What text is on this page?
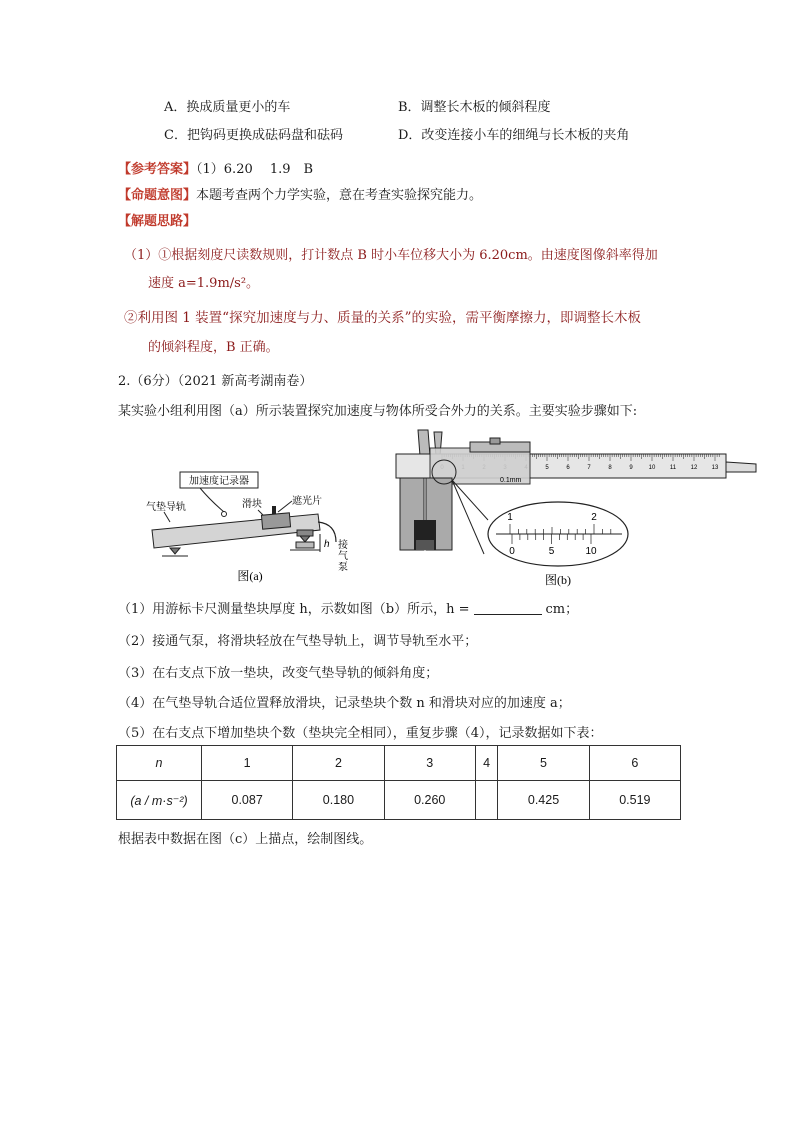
A．换成质量更小的车	B．调整长木板的倾斜程度
C．把钩码更换成砝码盘和砝码	D．改变连接小车的细绳与长木板的夹角
【参考答案】（1）6.20　 1.9　B
【命题意图】本题考查两个力学实验，意在考查实验探究能力。
【解题思路】
（1）①根据刻度尺读数规则，打计数点 B 时小车位移大小为 6.20cm。由速度图像斜率得加
速度 a=1.9m/s²。
②利用图 1 装置“探究加速度与力、质量的关系”的实验，需平衡摩擦力，即调整长木板
的倾斜程度，B 正确。
2.（6分）（2021 新高考湖南卷）
某实验小组利用图（a）所示装置探究加速度与物体所受合外力的关系。主要实验步骤如下:
加速度记录器
气垫导轨	滑块	遮光片
接气泵
h
图(a)
5	6	7	8	9	10 11 12 13
0.1mm
1	2
0	5	10
图(b)
（1）用游标卡尺测量垫块厚度 h，示数如图（b）所示，h =	cm；
（2）接通气泵，将滑块轻放在气垫导轨上，调节导轨至水平；
（3）在右支点下放一垫块，改变气垫导轨的倾斜角度；
（4）在气垫导轨合适位置释放滑块，记录垫块个数 n 和滑块对应的加速度 a；
（5）在右支点下增加垫块个数（垫块完全相同），重复步骤（4），记录数据如下表：
n	1	2	3	4	5	6
(a / m·s⁻²)	0.087	0.180	0.260		0.425	0.519
根据表中数据在图（c）上描点，绘制图线。
